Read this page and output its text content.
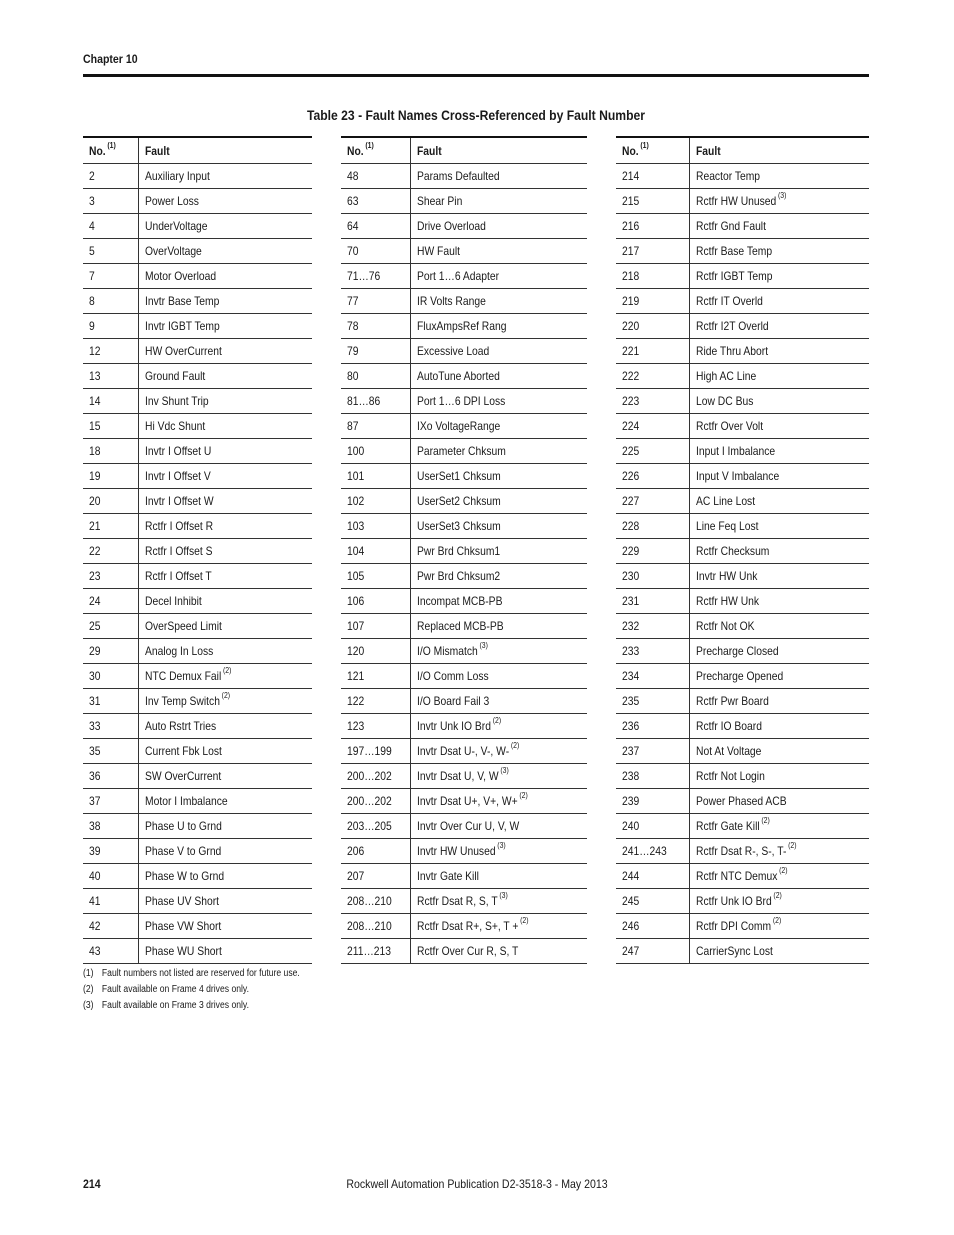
Chapter 10
Table 23 - Fault Names Cross-Referenced by Fault Number
No. $^{(1)}$	Fault
2	Auxiliary Input
3	Power Loss
4	UnderVoltage
5	OverVoltage
7	Motor Overload
8	Invtr Base Temp
9	Invtr IGBT Temp
12	HW OverCurrent
13	Ground Fault
14	Inv Shunt Trip
15	Hi Vdc Shunt
18	Invtr I Offset U
19	Invtr I Offset V
20	Invtr I Offset W
21	Rctfr I Offset R
22	Rctfr I Offset S
23	Rctfr I Offset T
24	Decel Inhibit
25	OverSpeed Limit
29	Analog In Loss
30	NTC Demux Fail $^{(2)}$
31	Inv Temp Switch $^{(2)}$
33	Auto Rstrt Tries
35	Current Fbk Lost
36	SW OverCurrent
37	Motor I Imbalance
38	Phase U to Grnd
39	Phase V to Grnd
40	Phase W to Grnd
41	Phase UV Short
42	Phase VW Short
43	Phase WU Short
No. $^{(1)}$	Fault
48	Params Defaulted
63	Shear Pin
64	Drive Overload
70	HW Fault
71…76	Port 1…6 Adapter
77	IR Volts Range
78	FluxAmpsRef Rang
79	Excessive Load
80	AutoTune Aborted
81…86	Port 1…6 DPI Loss
87	IXo VoltageRange
100	Parameter Chksum
101	UserSet1 Chksum
102	UserSet2 Chksum
103	UserSet3 Chksum
104	Pwr Brd Chksum1
105	Pwr Brd Chksum2
106	Incompat MCB-PB
107	Replaced MCB-PB
120	I/O Mismatch $^{(3)}$
121	I/O Comm Loss
122	I/O Board Fail 3
123	Invtr Unk IO Brd $^{(2)}$
197…199	Invtr Dsat U-, V-, W- $^{(2)}$
200…202	Invtr Dsat U, V, W $^{(3)}$
200…202	Invtr Dsat U+, V+, W+ $^{(2)}$
203…205	Invtr Over Cur U, V, W
206	Invtr HW Unused $^{(3)}$
207	Invtr Gate Kill
208…210	Rctfr Dsat R, S, T $^{(3)}$
208…210	Rctfr Dsat R+, S+, T + $^{(2)}$
211…213	Rctfr Over Cur R, S, T
No. $^{(1)}$	Fault
214	Reactor Temp
215	Rctfr HW Unused $^{(3)}$
216	Rctfr Gnd Fault
217	Rctfr Base Temp
218	Rctfr IGBT Temp
219	Rctfr IT Overld
220	Rctfr I2T Overld
221	Ride Thru Abort
222	High AC Line
223	Low DC Bus
224	Rctfr Over Volt
225	Input I Imbalance
226	Input V Imbalance
227	AC Line Lost
228	Line Feq Lost
229	Rctfr Checksum
230	Invtr HW Unk
231	Rctfr HW Unk
232	Rctfr Not OK
233	Precharge Closed
234	Precharge Opened
235	Rctfr Pwr Board
236	Rctfr IO Board
237	Not At Voltage
238	Rctfr Not Login
239	Power Phased ACB
240	Rctfr Gate Kill $^{(2)}$
241…243	Rctfr Dsat R-, S-, T- $^{(2)}$
244	Rctfr NTC Demux $^{(2)}$
245	Rctfr Unk IO Brd $^{(2)}$
246	Rctfr DPI Comm $^{(2)}$
247	CarrierSync Lost
(1) Fault numbers not listed are reserved for future use.
(2) Fault available on Frame 4 drives only.
(3) Fault available on Frame 3 drives only.
214	Rockwell Automation Publication D2-3518-3 - May 2013
